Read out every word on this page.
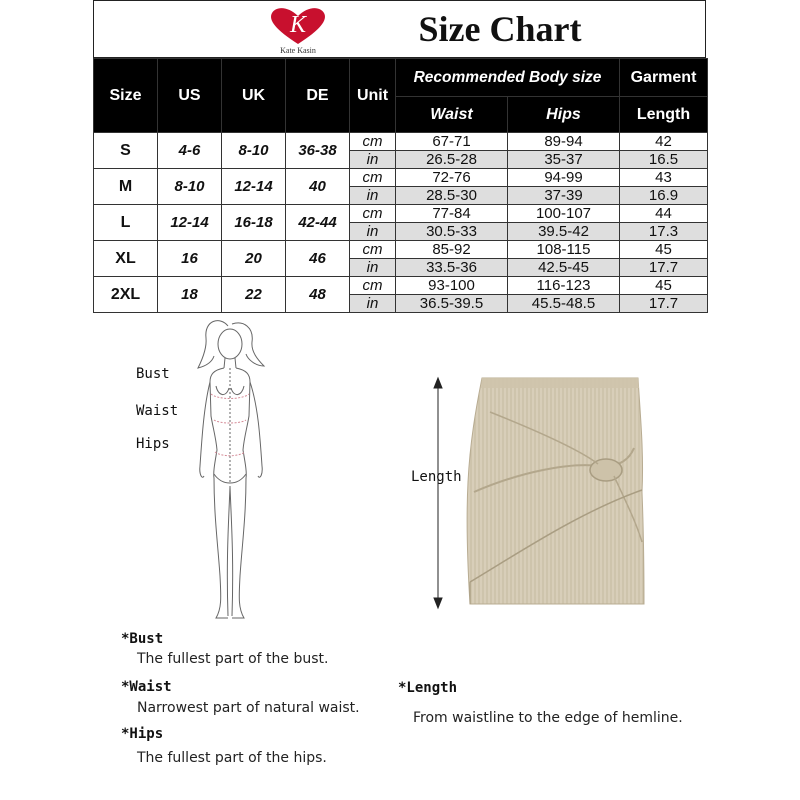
K
Kate Kasin
Size Chart
Size	US	UK	DE	Unit	Recommended Body size		Garment
					Waist	Hips	Length
S	4-6	8-10	36-38	cm	67-71	89-94	42
				in	26.5-28	35-37	16.5
M	8-10	12-14	40	cm	72-76	94-99	43
				in	28.5-30	37-39	16.9
L	12-14	16-18	42-44	cm	77-84	100-107	44
				in	30.5-33	39.5-42	17.3
XL	16	20	46	cm	85-92	108-115	45
				in	33.5-36	42.5-45	17.7
2XL	18	22	48	cm	93-100	116-123	45
				in	36.5-39.5	45.5-48.5	17.7
Bust
Waist
Hips
Length
*Bust
The fullest part of the bust.
*Waist
Narrowest part of natural waist.
*Hips
The fullest part of the hips.
*Length
From waistline to the edge of hemline.
